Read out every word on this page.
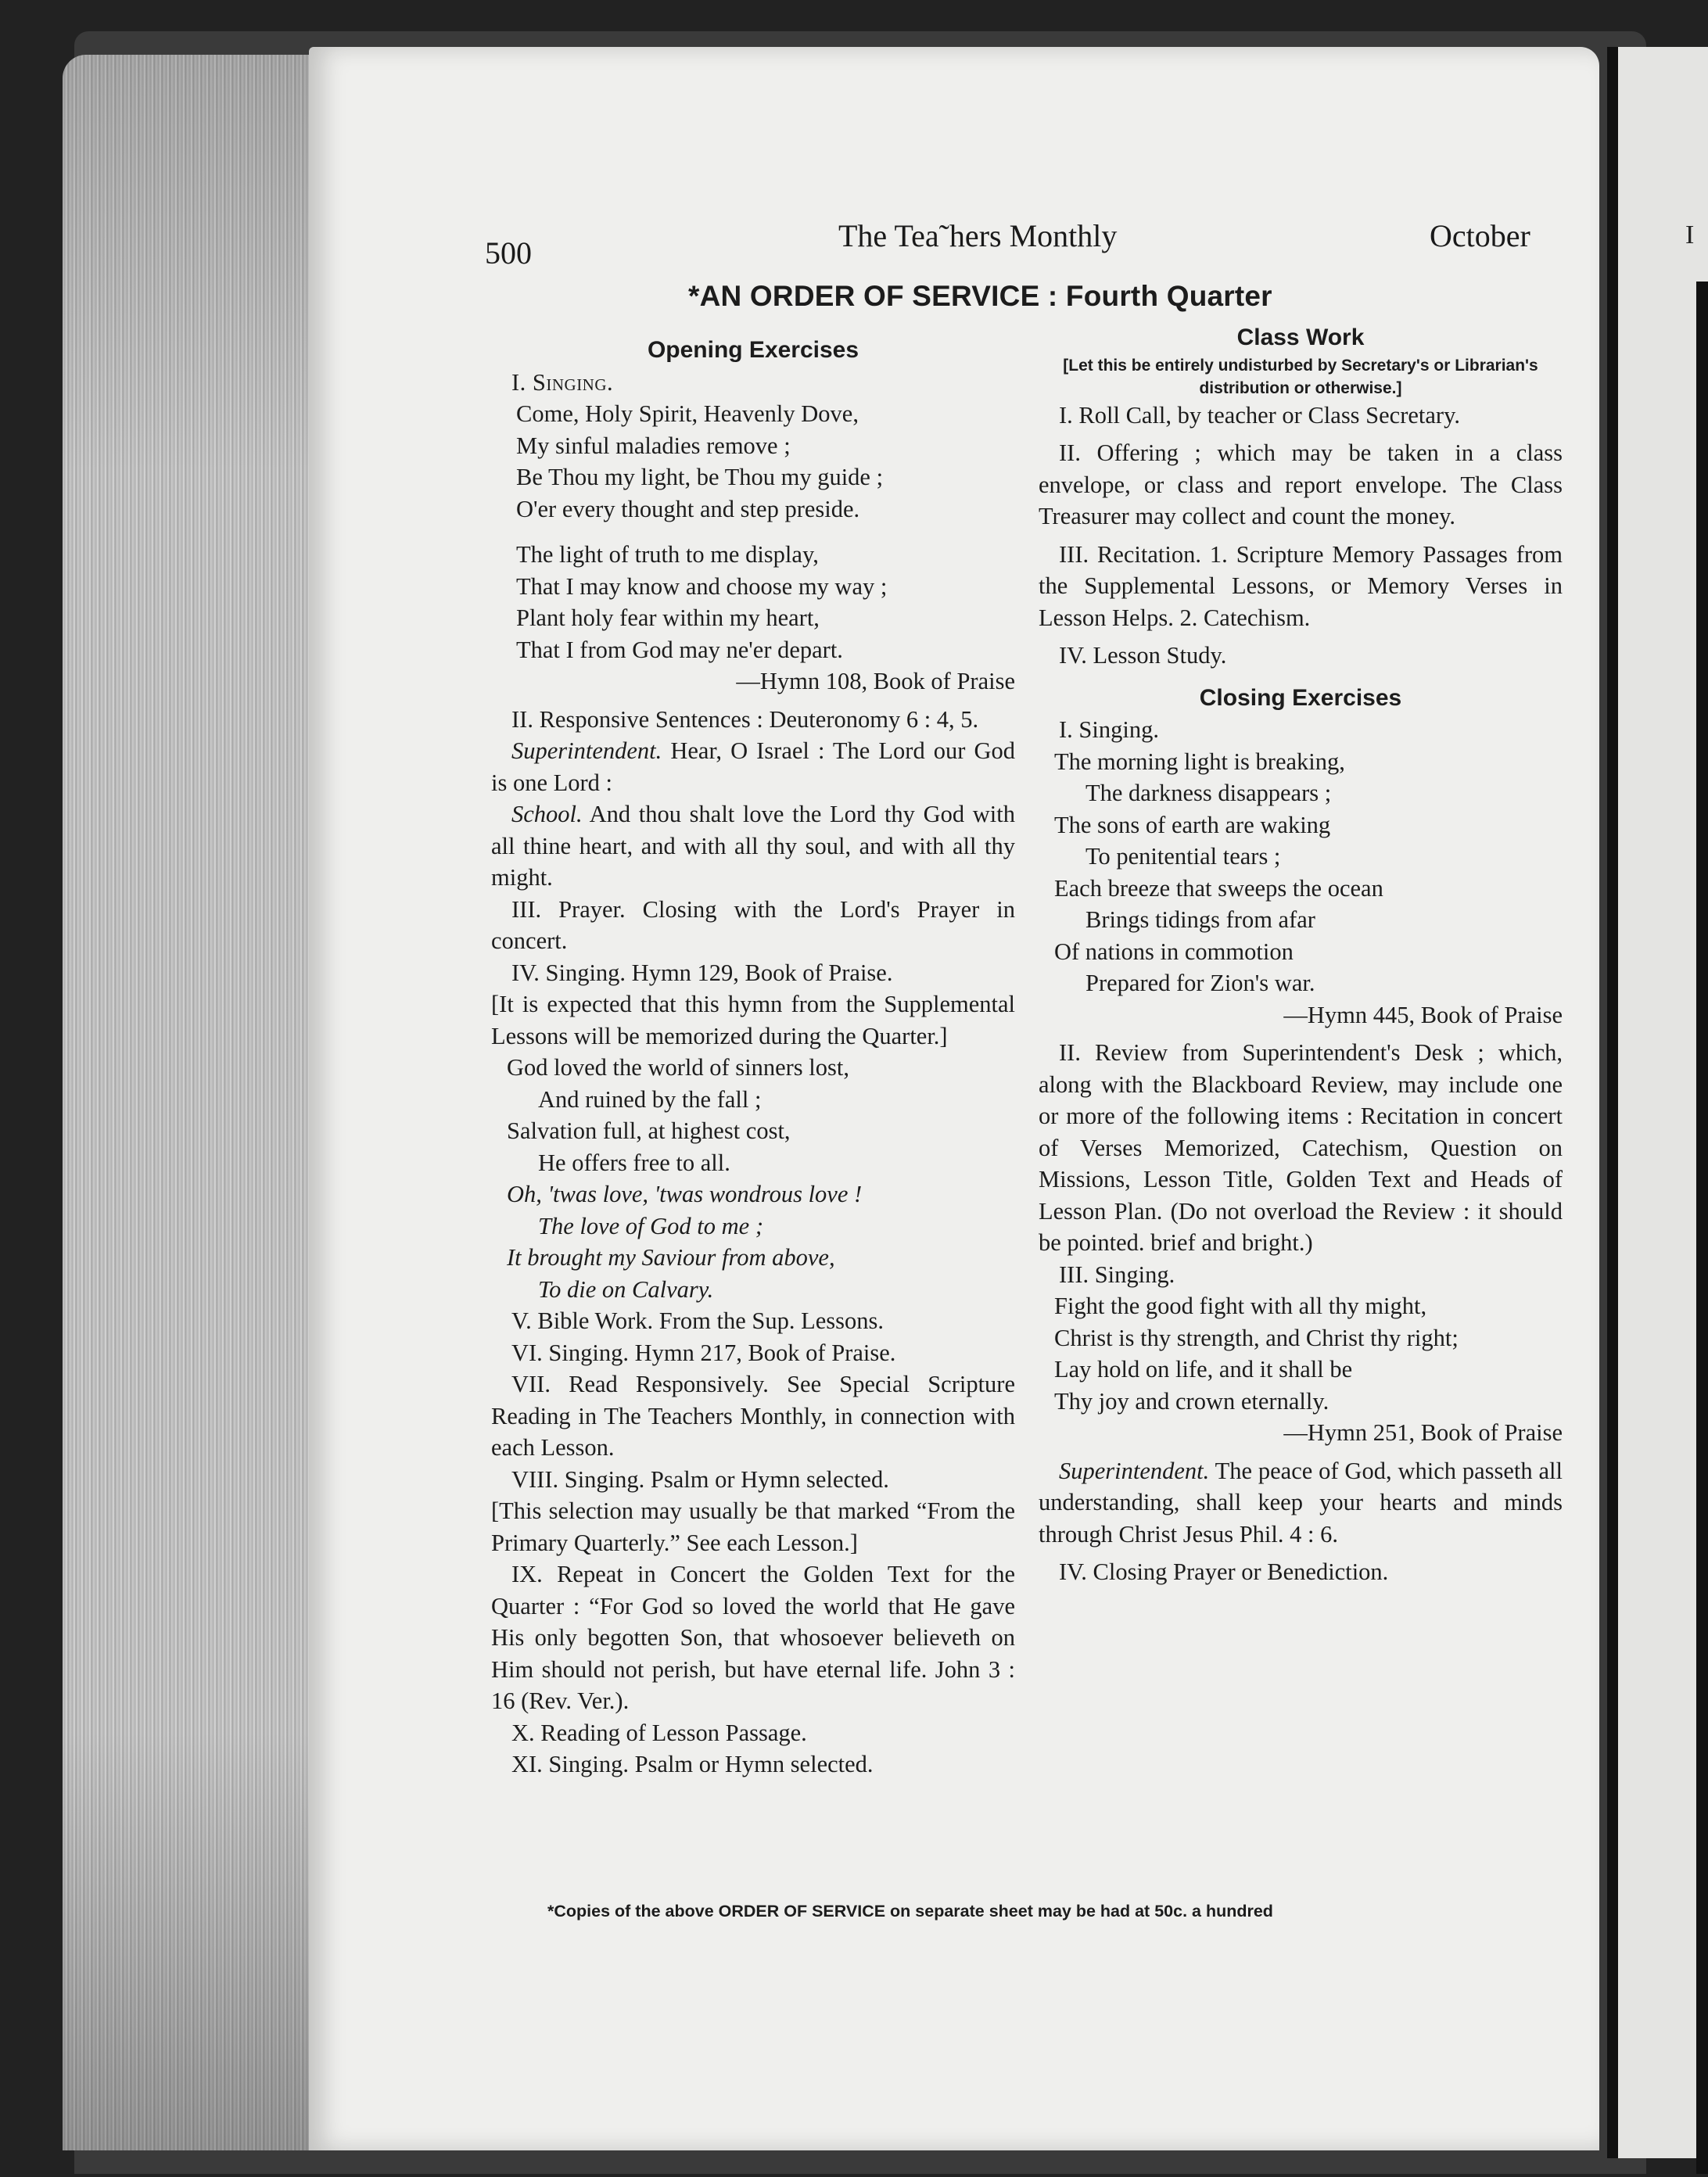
I
500	The Tea˜hers Monthly	October
*AN ORDER OF SERVICE : Fourth Quarter
Opening Exercises
I. Singing.
Come, Holy Spirit, Heavenly Dove,
My sinful maladies remove ;
Be Thou my light, be Thou my guide ;
O'er every thought and step preside.
The light of truth to me display,
That I may know and choose my way ;
Plant holy fear within my heart,
That I from God may ne'er depart.
—Hymn 108, Book of Praise
II. Responsive Sentences : Deuteronomy 6 : 4, 5.
Superintendent. Hear, O Israel : The Lord our God is one Lord :
School. And thou shalt love the Lord thy God with all thine heart, and with all thy soul, and with all thy might.
III. Prayer. Closing with the Lord's Prayer in concert.
IV. Singing. Hymn 129, Book of Praise.
[It is expected that this hymn from the Supplemental Lessons will be memorized during the Quarter.]
God loved the world of sinners lost,
And ruined by the fall ;
Salvation full, at highest cost,
He offers free to all.
Oh, 'twas love, 'twas wondrous love !
The love of God to me ;
It brought my Saviour from above,
To die on Calvary.
V. Bible Work. From the Sup. Lessons.
VI. Singing. Hymn 217, Book of Praise.
VII. Read Responsively. See Special Scripture Reading in The Teachers Monthly, in connection with each Lesson.
VIII. Singing. Psalm or Hymn selected.
[This selection may usually be that marked “From the Primary Quarterly.” See each Lesson.]
IX. Repeat in Concert the Golden Text for the Quarter : “For God so loved the world that He gave His only begotten Son, that whosoever believeth on Him should not perish, but have eternal life. John 3 : 16 (Rev. Ver.).
X. Reading of Lesson Passage.
XI. Singing. Psalm or Hymn selected.
Class Work
[Let this be entirely undisturbed by Secretary's or Librarian's distribution or otherwise.]
I. Roll Call, by teacher or Class Secretary.
II. Offering ; which may be taken in a class envelope, or class and report envelope. The Class Treasurer may collect and count the money.
III. Recitation. 1. Scripture Memory Passages from the Supplemental Lessons, or Memory Verses in Lesson Helps. 2. Catechism.
IV. Lesson Study.
Closing Exercises
I. Singing.
The morning light is breaking,
The darkness disappears ;
The sons of earth are waking
To penitential tears ;
Each breeze that sweeps the ocean
Brings tidings from afar
Of nations in commotion
Prepared for Zion's war.
—Hymn 445, Book of Praise
II. Review from Superintendent's Desk ; which, along with the Blackboard Review, may include one or more of the following items : Recitation in concert of Verses Memorized, Catechism, Question on Missions, Lesson Title, Golden Text and Heads of Lesson Plan. (Do not overload the Review : it should be pointed. brief and bright.)
III. Singing.
Fight the good fight with all thy might,
Christ is thy strength, and Christ thy right;
Lay hold on life, and it shall be
Thy joy and crown eternally.
—Hymn 251, Book of Praise
Superintendent. The peace of God, which passeth all understanding, shall keep your hearts and minds through Christ Jesus Phil. 4 : 6.
IV. Closing Prayer or Benediction.
*Copies of the above ORDER OF SERVICE on separate sheet may be had at 50c. a hundred
